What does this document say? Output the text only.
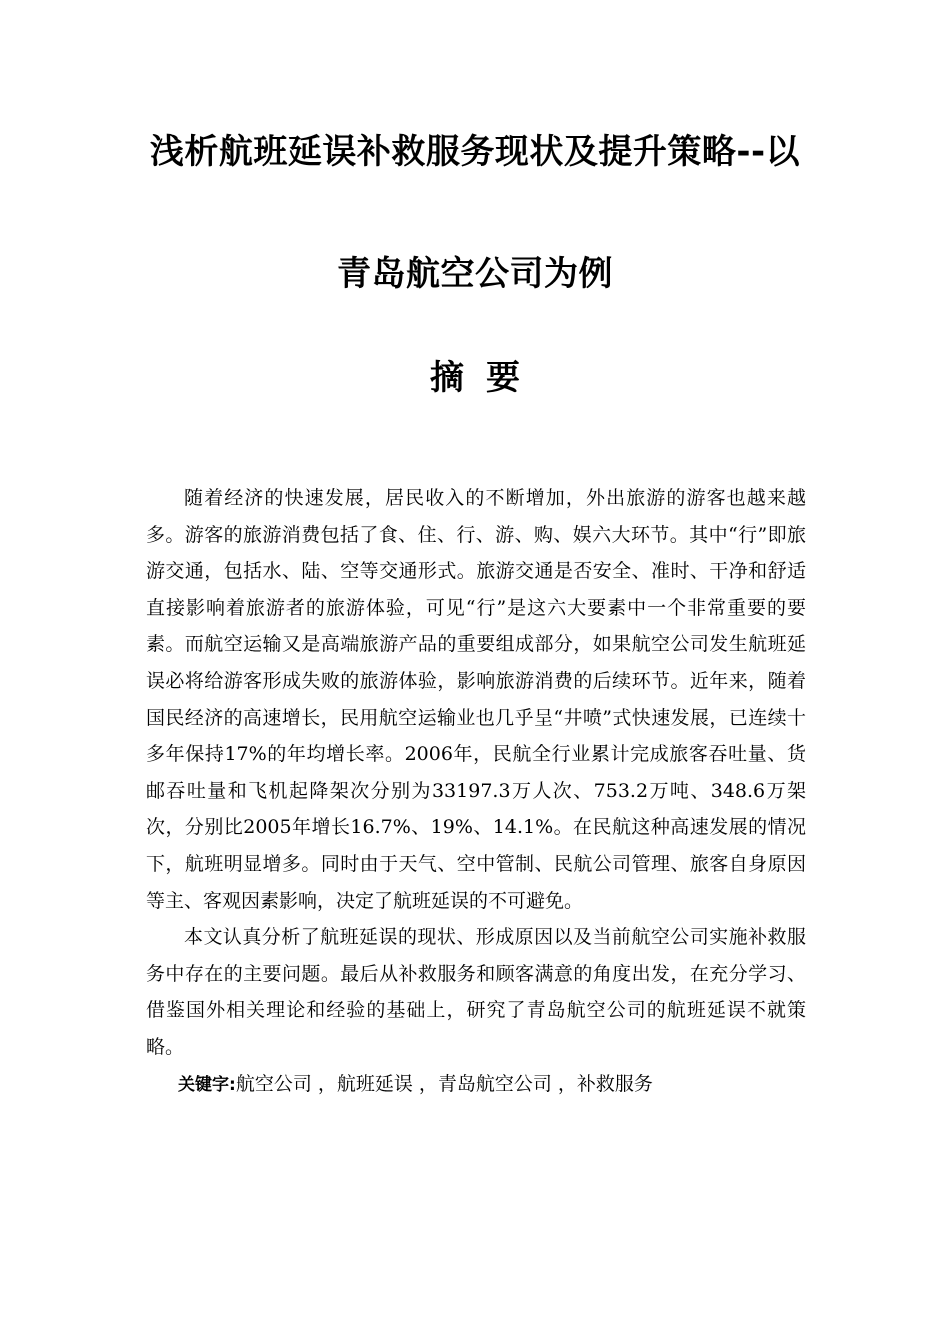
浅析航班延误补救服务现状及提升策略--以
青岛航空公司为例
摘要

随着经济的快速发展，居民收入的不断增加，外出旅游的游客也越来越多。游客的旅游消费包括了食、住、行、游、购、娱六大环节。其中“行”即旅游交通，包括水、陆、空等交通形式。旅游交通是否安全、准时、干净和舒适直接影响着旅游者的旅游体验，可见“行”是这六大要素中一个非常重要的要素。而航空运输又是高端旅游产品的重要组成部分，如果航空公司发生航班延误必将给游客形成失败的旅游体验，影响旅游消费的后续环节。近年来，随着国民经济的高速增长，民用航空运输业也几乎呈“井喷”式快速发展，已连续十多年保持17%的年均增长率。2006年，民航全行业累计完成旅客吞吐量、货邮吞吐量和飞机起降架次分别为33197.3万人次、753.2万吨、348.6万架次，分别比2005年增长16.7%、19%、14.1%。在民航这种高速发展的情况下，航班明显增多。同时由于天气、空中管制、民航公司管理、旅客自身原因等主、客观因素影响，决定了航班延误的不可避免。

本文认真分析了航班延误的现状、形成原因以及当前航空公司实施补救服务中存在的主要问题。最后从补救服务和顾客满意的角度出发，在充分学习、借鉴国外相关理论和经验的基础上，研究了青岛航空公司的航班延误不就策略。

关键字:航空公司 ，航班延误 ，青岛航空公司 ，补救服务
